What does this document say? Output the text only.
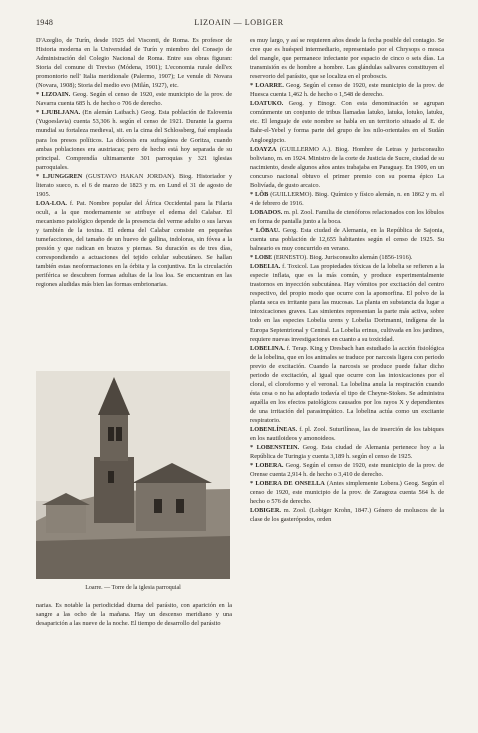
1948	LIZOAIN — LOBIGER

D'Azeglio, de Turín, desde 1925 del Visconti, de Roma. Es profesor de Historia moderna en la Universidad de Turín y miembro del Consejo de Administración del Colegio Nacional de Roma. Entre sus obras figuran: Storia del comune di Treviso (Módena, 1901); L'economia rurale dell'ex promontorio nell' Italia meridionale (Palermo, 1907); Le venule di Novara (Novara, 1908); Storia del medio evo (Milán, 1927), etc.

* LIZOAIN. Geog. Según el censo de 1920, este municipio de la prov. de Navarra cuenta 685 h. de hecho o 706 de derecho.

* LJUBLJANA. (En alemán Laibach.) Geog. Esta población de Eslovenia (Yugoeslavia) cuenta 53,306 h. según el censo de 1921. Durante la guerra mundial su fortaleza medieval, sit. en la cima del Schlossberg, fué empleada para los presos políticos. La diócesis era sufragánea de Goritza, cuando ambas poblaciones era austriacas; pero de hecho está hoy separada de su principal. Comprendía ultimamente 301 parroquias y 321 iglesias parroquiales.

* LJUNGGREN (GUSTAVO HAKAN JORDAN). Biog. Historiador y literato sueco, n. el 6 de marzo de 1823 y m. en Lund el 31 de agosto de 1905.

LOA-LOA. f. Pat. Nombre popular del África Occidental para la Filaria oculi, a la que modernamente se atribuye el edema del Calabar. El mecanismo patológico depende de la presencia del verme adulto o sus larvas y también de la toxina. El edema del Calabar consiste en pequeñas tumefacciones, del tamaño de un huevo de gallina, indoloras, sin fóvea a la presión y que radican en brazos y piernas. Su duración es de tres días, correspondiendo a actuaciones del tejido celular subcutáneo. Se hallan también estas neoformaciones en la órbita y la conjuntiva. En la circulación periférica se descubren formas adultas de la loa loa. Se encuentran en las regiones aludidas más bien las formas embrionarias.

Loarre. — Torre de la iglesia parroquial
narias. Es notable la periodicidad diurna del parásito, con aparición en la sangre a las ocho de la mañana. Hay un descenso meridiano y una desaparición a las nueve de la noche. El tiempo de desarrollo del parásito

es muy largo, y así se requieren años desde la fecha posible del contagio. Se cree que es huésped intermediario, representado por el Chrysops o mosca del mangle, que permanece infectante por espacio de cinco o seis días. La transmisión es de hombre a hombre. Las glándulas salivares constituyen el reservorio del parásito, que se localiza en el proboscis.

* LOARRE. Geog. Según el censo de 1920, este municipio de la prov. de Huesca cuenta 1,462 h. de hecho o 1,548 de derecho.

LOATUKO. Geog. y Etnogr. Con esta denominación se agrupan comúnmente un conjunto de tribus llamadas latuko, latuka, lotuko, latuku, etc. El lenguaje de este nombre se habla en un territorio situado al E. de Bahr-el-Yebel y forma parte del grupo de los nilo-orientales en el Sudán Angloegipcio.

LOAYZA (GUILLERMO A.). Biog. Hombre de Letras y jurisconsulto boliviano, m. en 1924. Ministro de la corte de Justicia de Sucre, ciudad de su nacimiento, desde algunos años antes trabajaba en Paraguay. En 1909, en un concurso nacional obtuvo el primer premio con su poema épico La Bolivíada, de gusto arcaico.

* LÔB (GUILLERMO). Biog. Químico y físico alemán, n. en 1862 y m. el 4 de febrero de 1916.

LOBADOS. m. pl. Zool. Familia de ctenóforos relacionados con los lóbulos en forma de pantalla junto a la boca.

* LÖBAU. Geog. Esta ciudad de Alemania, en la República de Sajonia, cuenta una población de 12,655 habitantes según el censo de 1925. Su balneario es muy concurrido en verano.

* LOBE (ERNESTO). Biog. Jurisconsulto alemán (1856-1916).

LOBELIA. f. Toxicol. Las propiedades tóxicas de la lobelia se refieren a la especie inflata, que es la más común, y produce experimentalmente trastornos en inyección subcutánea. Hay vómitos por excitación del centro respectivo, del propio modo que ocurre con la apomorfina. El polvo de la planta seca es irritante para las mucosas. La planta en substancia da lugar a intoxicaciones graves. Las simientes representan la parte más activa, sobre todo en las especies Lobelia urens y Lobelia Dortmanni, indígena de la Europa Septentrional y Central. La Lobelia erinus, cultivada en los jardines, requiere nuevas investigaciones en cuanto a su toxicidad.

LOBELINA. f. Terap. King y Dresbach han estudiado la acción fisiológica de la lobelina, que en los animales se traduce por narcosis ligera con periodo previo de excitación. Cuando la narcosis se produce puede faltar dicho periodo de excitación, al igual que ocurre con las intoxicaciones por el cloral, el cloroformo y el veronal. La lobelina anula la respiración cuando ésta cesa o no ha adoptado todavía el tipo de Cheyne-Stokes. Se administra aquélla en los efectos patológicos causados por los rayos X y dependientes de una irritación del parasimpático. La lobelina actúa como un excitante respiratorio.

LOBENLÍNEAS. f. pl. Zool. Suturilíneas, las de inserción de los tabiques en los nautiloideos y amonoideos.

* LOBENSTEIN. Geog. Esta ciudad de Alemania pertenece hoy a la República de Turingia y cuenta 3,189 h. según el censo de 1925.

* LOBERA. Geog. Según el censo de 1920, este municipio de la prov. de Orense cuenta 2,914 h. de hecho o 3,410 de derecho.

* LOBERA DE ONSELLA (Antes simplemente Lobera.) Geog. Según el censo de 1920, este municipio de la prov. de Zaragoza cuenta 564 h. de hecho o 576 de derecho.

LOBIGER. m. Zool. (Lobiger Krohn, 1847.) Género de moluscos de la clase de los gasterópodos, orden
